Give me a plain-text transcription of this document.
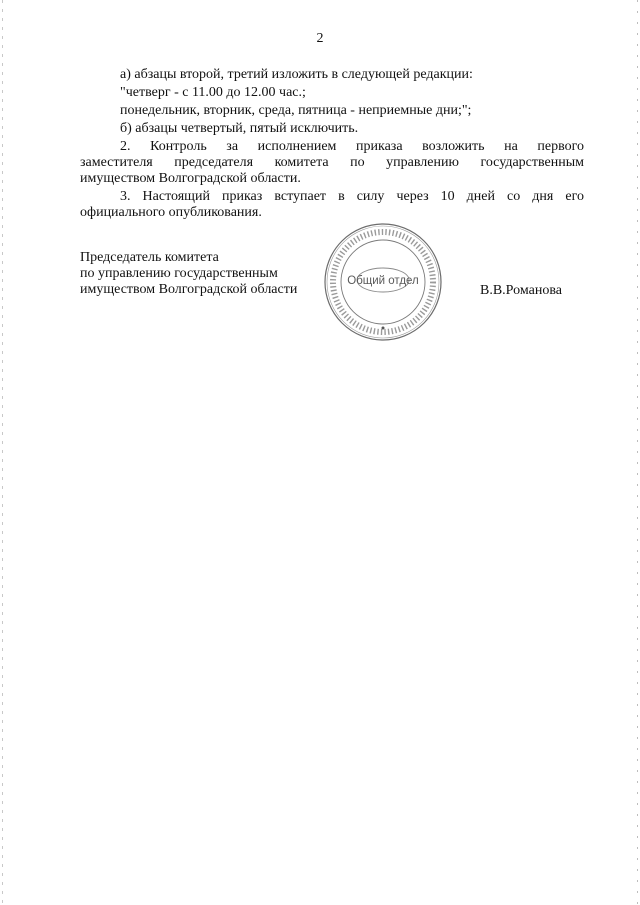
2
а) абзацы второй, третий изложить в следующей редакции:
"четверг - с 11.00 до 12.00 час.;
понедельник, вторник, среда, пятница - неприемные дни;";
б) абзацы четвертый, пятый исключить.
2. Контроль за исполнением приказа возложить на первого
заместителя председателя комитета по управлению государственным
имуществом Волгоградской области.
3. Настоящий приказ вступает в силу через 10 дней со дня его
официального опубликования.
Председатель комитета
по управлению государственным
имуществом Волгоградской области
Общий отдел
В.В.Романова
